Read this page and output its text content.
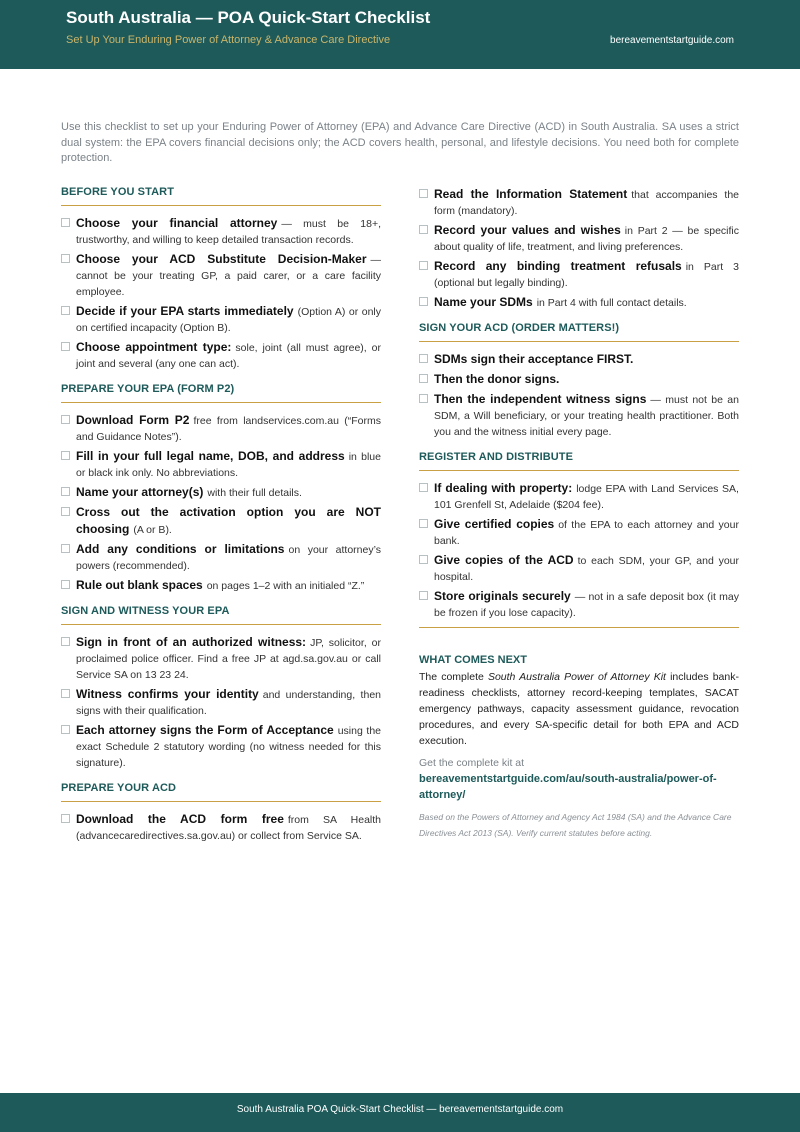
South Australia — POA Quick-Start Checklist
Set Up Your Enduring Power of Attorney & Advance Care Directive	bereavementstartguide.com
Use this checklist to set up your Enduring Power of Attorney (EPA) and Advance Care Directive (ACD) in South Australia. SA uses a strict dual system: the EPA covers financial decisions only; the ACD covers health, personal, and lifestyle decisions. You need both for complete protection.
BEFORE YOU START
Choose your financial attorney — must be 18+, trustworthy, and willing to keep detailed transaction records.
Choose your ACD Substitute Decision-Maker — cannot be your treating GP, a paid carer, or a care facility employee.
Decide if your EPA starts immediately (Option A) or only on certified incapacity (Option B).
Choose appointment type: sole, joint (all must agree), or joint and several (any one can act).
PREPARE YOUR EPA (FORM P2)
Download Form P2 free from landservices.com.au (“Forms and Guidance Notes”).
Fill in your full legal name, DOB, and address in blue or black ink only. No abbreviations.
Name your attorney(s) with their full details.
Cross out the activation option you are NOT choosing (A or B).
Add any conditions or limitations on your attorney’s powers (recommended).
Rule out blank spaces on pages 1–2 with an initialed “Z.”
SIGN AND WITNESS YOUR EPA
Sign in front of an authorized witness: JP, solicitor, or proclaimed police officer. Find a free JP at agd.sa.gov.au or call Service SA on 13 23 24.
Witness confirms your identity and understanding, then signs with their qualification.
Each attorney signs the Form of Acceptance using the exact Schedule 2 statutory wording (no witness needed for this signature).
PREPARE YOUR ACD
Download the ACD form free from SA Health (advancecaredirectives.sa.gov.au) or collect from Service SA.
Read the Information Statement that accompanies the form (mandatory).
Record your values and wishes in Part 2 — be specific about quality of life, treatment, and living preferences.
Record any binding treatment refusals in Part 3 (optional but legally binding).
Name your SDMs in Part 4 with full contact details.
SIGN YOUR ACD (ORDER MATTERS!)
SDMs sign their acceptance FIRST.
Then the donor signs.
Then the independent witness signs — must not be an SDM, a Will beneficiary, or your treating health practitioner. Both you and the witness initial every page.
REGISTER AND DISTRIBUTE
If dealing with property: lodge EPA with Land Services SA, 101 Grenfell St, Adelaide ($204 fee).
Give certified copies of the EPA to each attorney and your bank.
Give copies of the ACD to each SDM, your GP, and your hospital.
Store originals securely — not in a safe deposit box (it may be frozen if you lose capacity).
WHAT COMES NEXT
The complete South Australia Power of Attorney Kit includes bank-readiness checklists, attorney record-keeping templates, SACAT emergency pathways, capacity assessment guidance, revocation procedures, and every SA-specific detail for both EPA and ACD execution.
Get the complete kit at
bereavementstartguide.com/au/south-australia/power-of-attorney/
Based on the Powers of Attorney and Agency Act 1984 (SA) and the Advance Care Directives Act 2013 (SA). Verify current statutes before acting.
South Australia POA Quick-Start Checklist — bereavementstartguide.com
